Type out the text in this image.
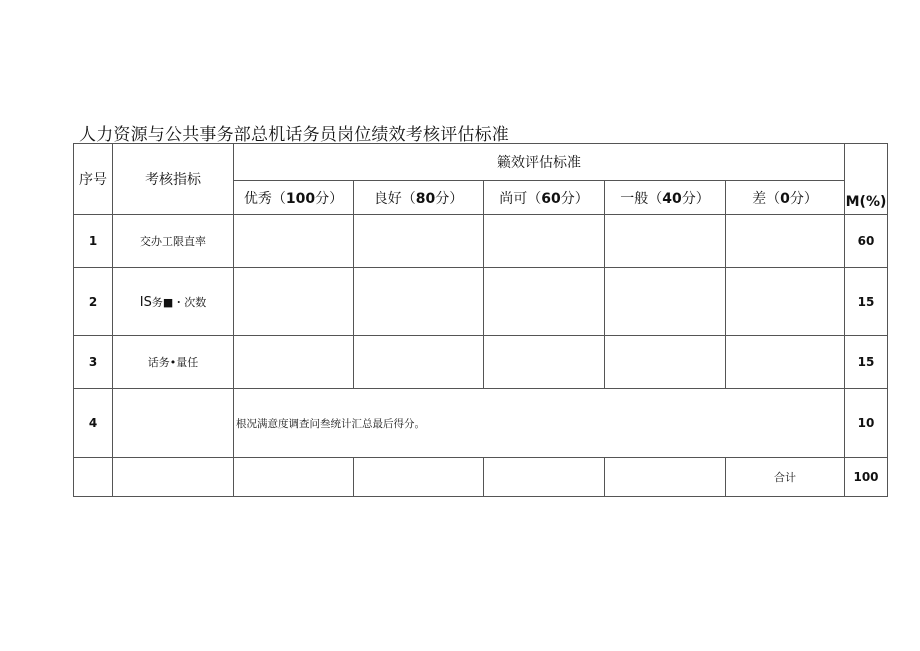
人力资源与公共事务部总机话务员岗位绩效考核评估标准
序号	考核指标	籁效评估标准					M(%)
		优秀（100分）	良好（80分）	尚可（60分）	一般（40分）	差（0分）	
1	交办工限直率						60
2	IS务■・次数						15
3	话务•量任						15
4		根况满意度调查问叁统计汇总最后得分。					10
						合计	100
